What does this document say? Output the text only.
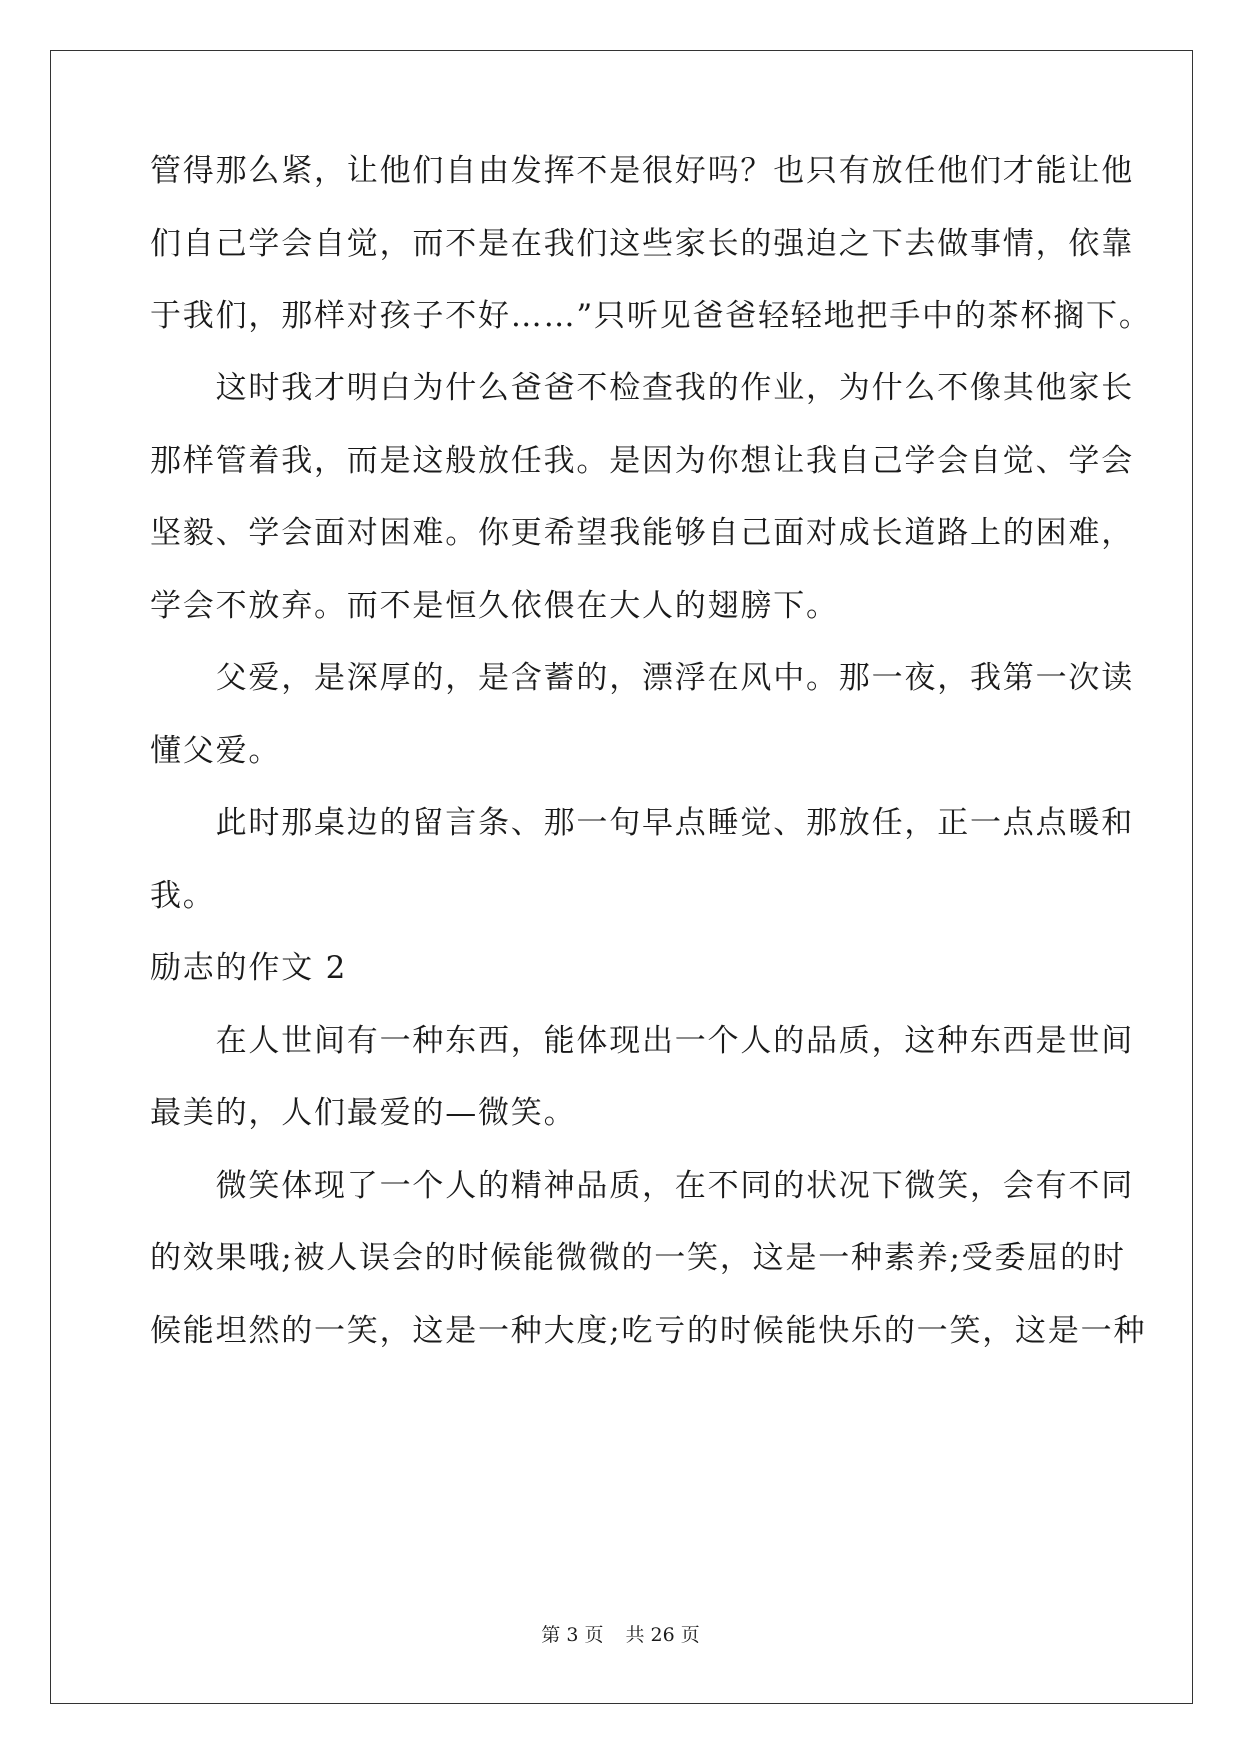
管得那么紧，让他们自由发挥不是很好吗？也只有放任他们才能让他
们自己学会自觉，而不是在我们这些家长的强迫之下去做事情，依靠
于我们，那样对孩子不好……”只听见爸爸轻轻地把手中的茶杯搁下。
　　这时我才明白为什么爸爸不检查我的作业，为什么不像其他家长
那样管着我，而是这般放任我。是因为你想让我自己学会自觉、学会
坚毅、学会面对困难。你更希望我能够自己面对成长道路上的困难，
学会不放弃。而不是恒久依偎在大人的翅膀下。
　　父爱，是深厚的，是含蓄的，漂浮在风中。那一夜，我第一次读
懂父爱。
　　此时那桌边的留言条、那一句早点睡觉、那放任，正一点点暖和
我。
励志的作文 2
　　在人世间有一种东西，能体现出一个人的品质，这种东西是世间
最美的，人们最爱的—微笑。
　　微笑体现了一个人的精神品质，在不同的状况下微笑，会有不同
的效果哦;被人误会的时候能微微的一笑，这是一种素养;受委屈的时
候能坦然的一笑，这是一种大度;吃亏的时候能快乐的一笑，这是一种
第 3 页 共 26 页
